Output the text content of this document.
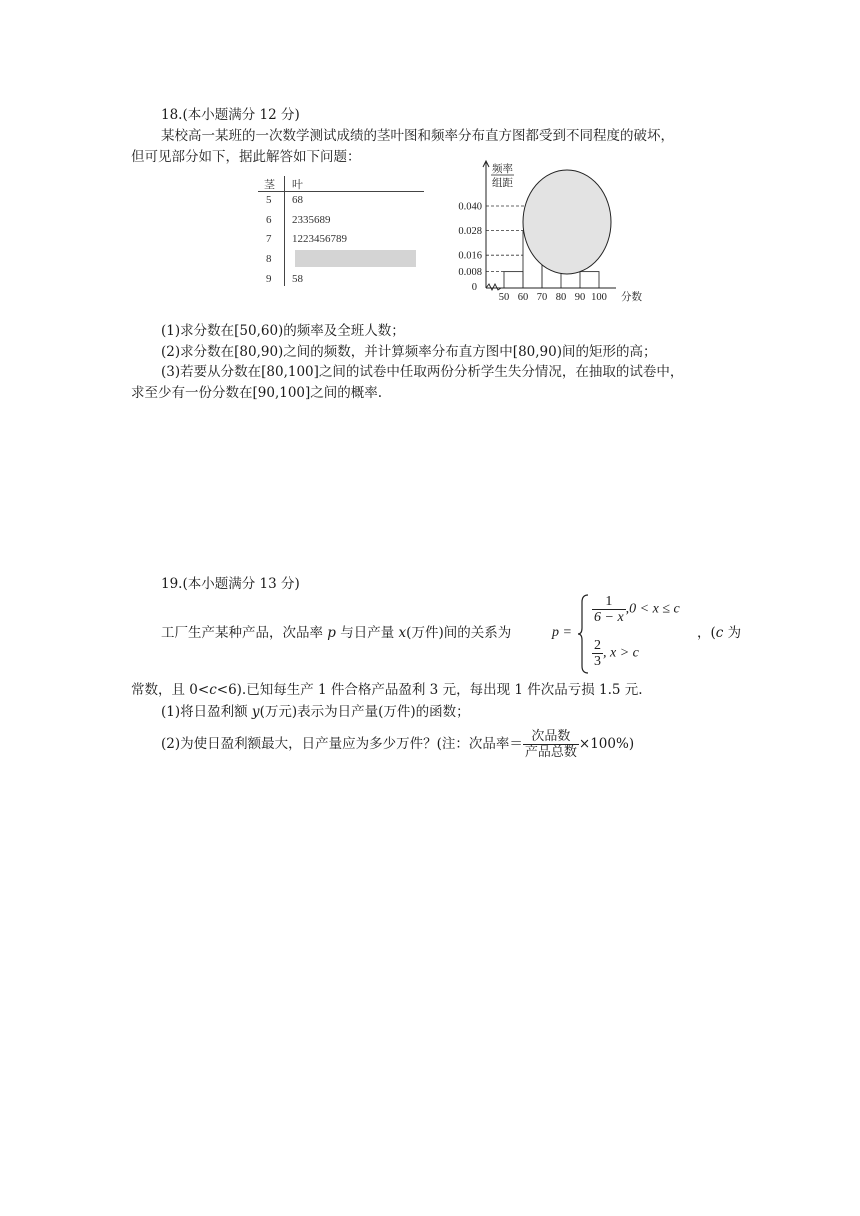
18.(本小题满分 12 分)
某校高一某班的一次数学测试成绩的茎叶图和频率分布直方图都受到不同程度的破坏，
但可见部分如下，据此解答如下问题：
茎 叶
5 68
6 2335689
7 1223456789
8
9 58
0.040
0.028
0.016
0.008
0
50 60 70 80 90 100 分数
频率
组距
(1)求分数在[50,60)的频率及全班人数；
(2)求分数在[80,90)之间的频数，并计算频率分布直方图中[80,90)间的矩形的高；
(3)若要从分数在[80,100]之间的试卷中任取两份分析学生失分情况，在抽取的试卷中，
求至少有一份分数在[90,100]之间的概率.
19.(本小题满分 13 分)
工厂生产某种产品，次品率 p 与日产量 x(万件)间的关系为	p =
$\frac{1}{6 - x} ,0 < x \le c$
$\frac{2}{3}$ , x > c
，(c 为
常数，且 0<c<6).已知每生产 1 件合格产品盈利 3 元，每出现 1 件次品亏损 1.5 元.
(1)将日盈利额 y(万元)表示为日产量(万件)的函数；
(2)为使日盈利额最大，日产量应为多少万件？(注：次品率＝ $\frac{\text{次品数}}{\text{产品总数}} \times 100\%$)
